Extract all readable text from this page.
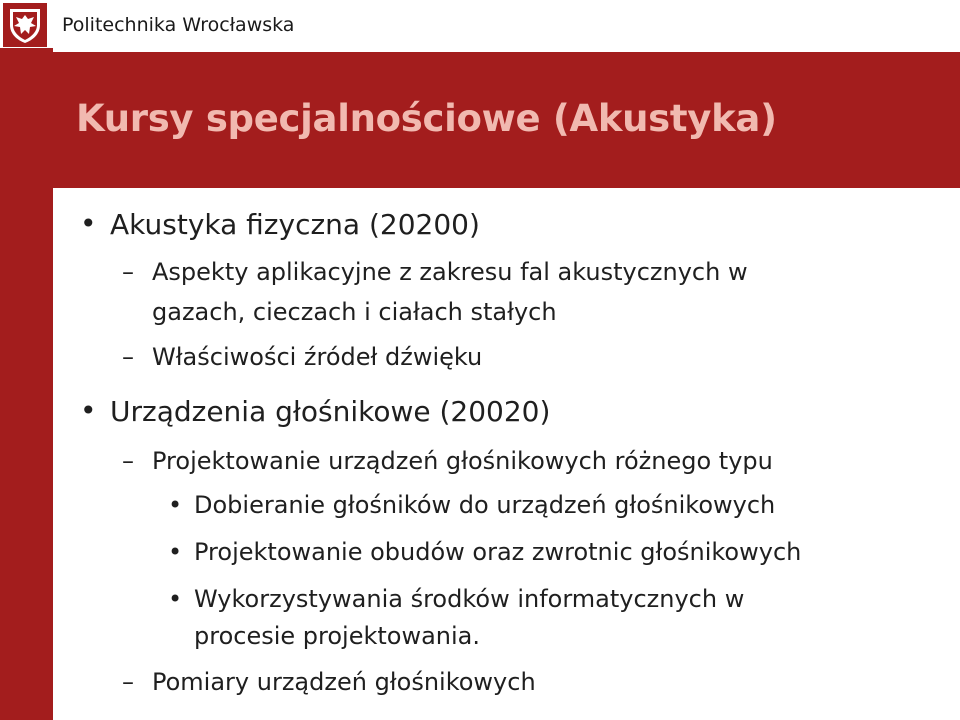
Politechnika Wrocławska
Kursy specjalnościowe (Akustyka)
• Akustyka fizyczna (20200)
– Aspekty aplikacyjne z zakresu fal akustycznych w
gazach, cieczach i ciałach stałych
– Właściwości źródeł dźwięku
• Urządzenia głośnikowe (20020)
– Projektowanie urządzeń głośnikowych różnego typu
• Dobieranie głośników do urządzeń głośnikowych
• Projektowanie obudów oraz zwrotnic głośnikowych
• Wykorzystywania środków informatycznych w
procesie projektowania.
– Pomiary urządzeń głośnikowych
